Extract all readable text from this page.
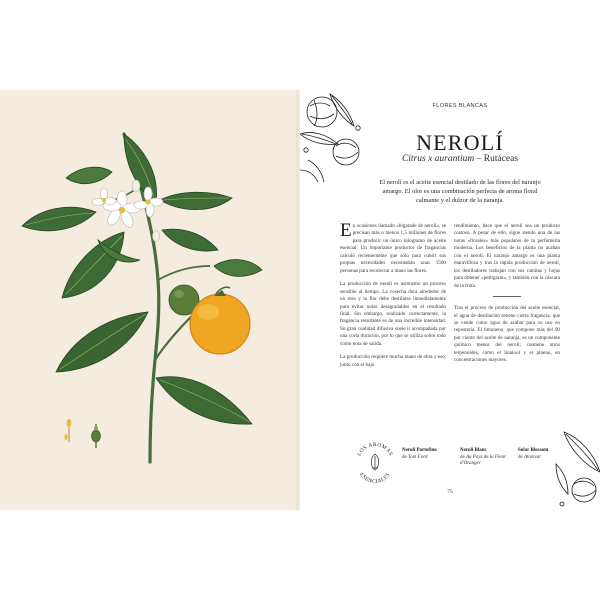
FLORES BLANCAS
NEROLÍ
Citrus x aurantium – Rutáceas
El nerolí es el aceite esencial destilado de las flores del naranjo amargo. El olor es una combinación perfecta de aroma floral calmante y el dulzor de la naranja.

En ocasiones llamado «bigarade de nerolí», se precisan más o menos 1,5 millones de flores para producir un único kilogramo de aceite esencial. Un importante productor de fragancias calculó recientemente que solo para cubrir sus propias necesidades necesitaban unas 1500 personas para recolectar a mano las flores.

La producción de nerolí es asimismo un proceso sensible al tiempo. La cosecha dura alrededor de un mes y la flor debe destilarse inmediatamente para evitar notas desagradables en el resultado final. Sin embargo, realizado correctamente, la fragancia resultante es de una increíble intensidad. Su gran cualidad difusiva suele ir acompañada por una corta duración, por lo que se utiliza sobre todo como nota de salida.

La producción requiere mucha mano de obra y eso, junto con el bajo

rendimiento, hace que el nerolí sea un producto costoso. A pesar de ello, sigue siendo una de las notas «florales» más populares de la perfumería moderna. Los beneficios de la planta no acaban con el nerolí. El naranjo amargo es una planta maravillosa y tras la rápida producción de nerolí, los destiladores trabajan con sus ramitas y hojas para obtener «petitgrain», y también con la cáscara de la fruta.

Tras el proceso de producción del aceite esencial, el agua de destilación retiene cierta fragancia, que se vende como agua de azahar para su uso en repostería. El limoneno, que compone más del 90 por ciento del aceite de naranja, es un componente químico menor del nerolí; contiene otros terpenoides, como el linalool y el pineno, en concentraciones mayores.

LOS AROMAS
ESENCIALES
Neroli Portofino
de Tom Ford
Neroli Blanc
de Au Pays de la Fleur d'Oranger
Solar Blossom
de Atomvar
75
